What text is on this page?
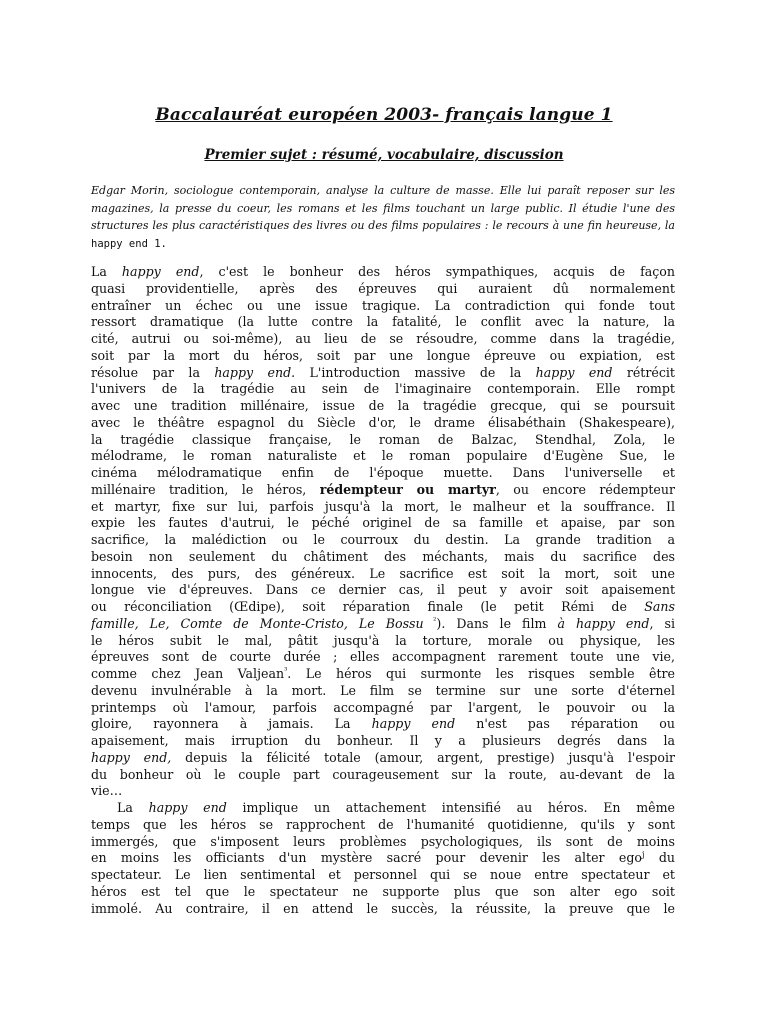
Baccalauréat européen 2003- français langue 1
Premier sujet : résumé, vocabulaire, discussion
Edgar Morin, sociologue contemporain, analyse la culture de masse. Elle lui paraît reposer sur les magazines, la presse du coeur, les romans et les films touchant un large public. Il étudie l'une des structures les plus caractéristiques des livres ou des films populaires : le recours à une fin heureuse, la happy end 1.
La happy end, c'est le bonheur des héros sympathiques, acquis de façon
quasi providentielle, après des épreuves qui auraient dû normalement
entraîner un échec ou une issue tragique. La contradiction qui fonde tout
ressort dramatique (la lutte contre la fatalité, le conflit avec la nature, la
cité, autrui ou soi-même), au lieu de se résoudre, comme dans la tragédie,
soit par la mort du héros, soit par une longue épreuve ou expiation, est
résolue par la happy end. L'introduction massive de la happy end rétrécit
l'univers de la tragédie au sein de l'imaginaire contemporain. Elle rompt
avec une tradition millénaire, issue de la tragédie grecque, qui se poursuit
avec le théâtre espagnol du Siècle d'or, le drame élisabéthain (Shakespeare),
la tragédie classique française, le roman de Balzac, Stendhal, Zola, le
mélodrame, le roman naturaliste et le roman populaire d'Eugène Sue, le
cinéma mélodramatique enfin de l'époque muette. Dans l'universelle et
millénaire tradition, le héros, rédempteur ou martyr, ou encore rédempteur
et martyr, fixe sur lui, parfois jusqu'à la mort, le malheur et la souffrance. Il
expie les fautes d'autrui, le péché originel de sa famille et apaise, par son
sacrifice, la malédiction ou le courroux du destin. La grande tradition a
besoin non seulement du châtiment des méchants, mais du sacrifice des
innocents, des purs, des généreux. Le sacrifice est soit la mort, soit une
longue vie d'épreuves. Dans ce dernier cas, il peut y avoir soit apaisement
ou réconciliation (Œdipe), soit réparation finale (le petit Rémi de Sans
famille, Le, Comte de Monte-Cristo, Le Bossu $^{^2}$). Dans le film à happy end, si
le héros subit le mal, pâtit jusqu'à la torture, morale ou physique, les
épreuves sont de courte durée ; elles accompagnent rarement toute une vie,
comme chez Jean Valjean$^{^3}$. Le héros qui surmonte les risques semble être
devenu invulnérable à la mort. Le film se termine sur une sorte d'éternel
printemps où l'amour, parfois accompagné par l'argent, le pouvoir ou la
gloire, rayonnera à jamais. La happy end n'est pas réparation ou
apaisement, mais irruption du bonheur. Il y a plusieurs degrés dans la
happy end, depuis la félicité totale (amour, argent, prestige) jusqu'à l'espoir
du bonheur où le couple part courageusement sur la route, au-devant de la
vie…
La happy end implique un attachement intensifié au héros. En même
temps que les héros se rapprochent de l'humanité quotidienne, qu'ils y sont
immergés, que s'imposent leurs problèmes psychologiques, ils sont de moins
en moins les officiants d'un mystère sacré pour devenir les alter ego$^j$ du
spectateur. Le lien sentimental et personnel qui se noue entre spectateur et
héros est tel que le spectateur ne supporte plus que son alter ego soit
immolé. Au contraire, il en attend le succès, la réussite, la preuve que le
